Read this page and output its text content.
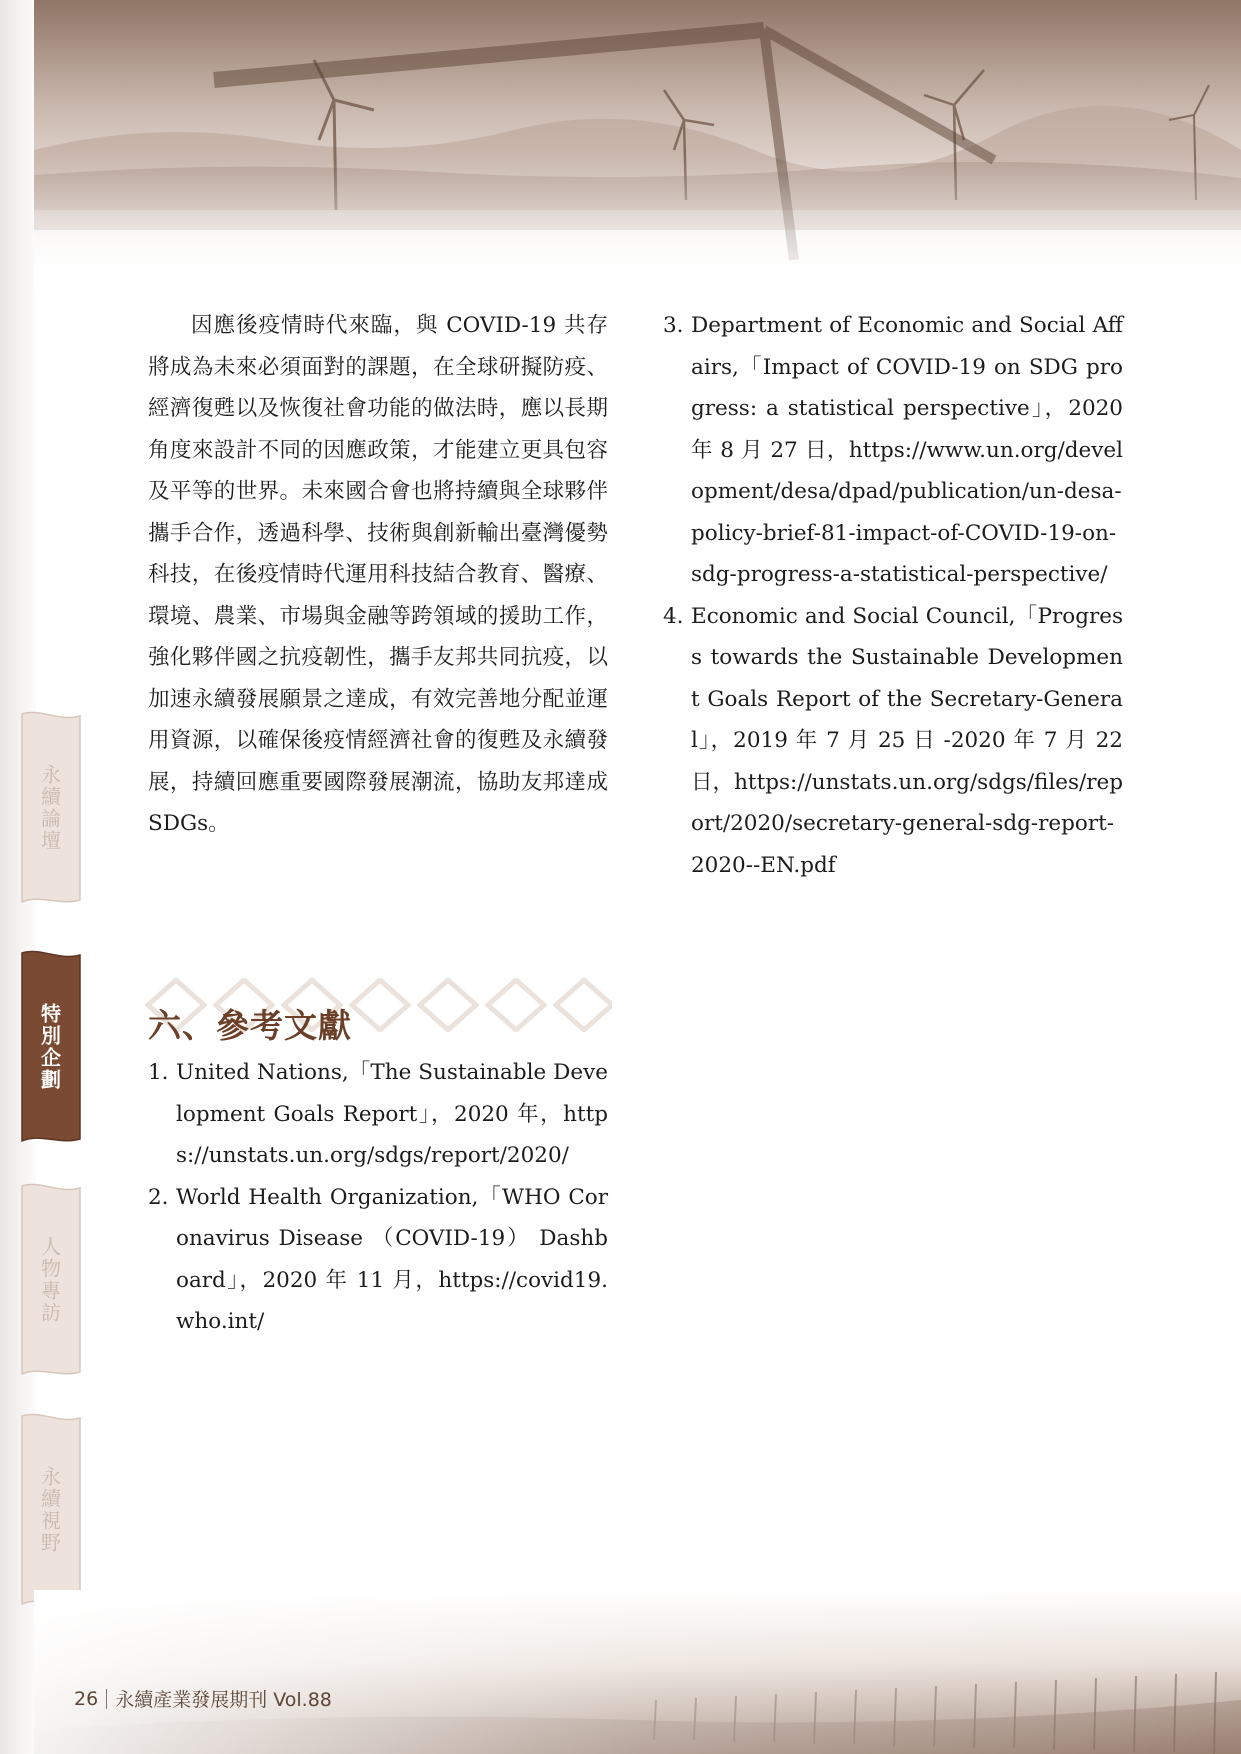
永續論壇
特別企劃
人物專訪
永續視野

因應後疫情時代來臨，與 COVID-19 共存將成為未來必須面對的課題，在全球研擬防疫、經濟復甦以及恢復社會功能的做法時，應以長期角度來設計不同的因應政策，才能建立更具包容及平等的世界。未來國合會也將持續與全球夥伴攜手合作，透過科學、技術與創新輸出臺灣優勢科技，在後疫情時代運用科技結合教育、醫療、環境、農業、市場與金融等跨領域的援助工作，強化夥伴國之抗疫韌性，攜手友邦共同抗疫，以加速永續發展願景之達成，有效完善地分配並運用資源，以確保後疫情經濟社會的復甦及永續發展，持續回應重要國際發展潮流，協助友邦達成 SDGs。

六、參考文獻
1. United Nations,「The Sustainable Development Goals Report」，2020 年，https://unstats.un.org/sdgs/report/2020/
2. World Health Organization,「WHO Coronavirus Disease （COVID-19） Dashboard」，2020 年 11 月，https://covid19.who.int/
3. Department of Economic and Social Affairs,「Impact of COVID-19 on SDG progress: a statistical perspective」，2020 年 8 月 27 日，https://www.un.org/development/desa/dpad/publication/un-desa-policy-brief-81-impact-of-COVID-19-on-sdg-progress-a-statistical-perspective/
4. Economic and Social Council,「Progress towards the Sustainable Development Goals Report of the Secretary-General」，2019 年 7 月 25 日 -2020 年 7 月 22 日，https://unstats.un.org/sdgs/files/report/2020/secretary-general-sdg-report-2020--EN.pdf
26 永續產業發展期刊 Vol.88
